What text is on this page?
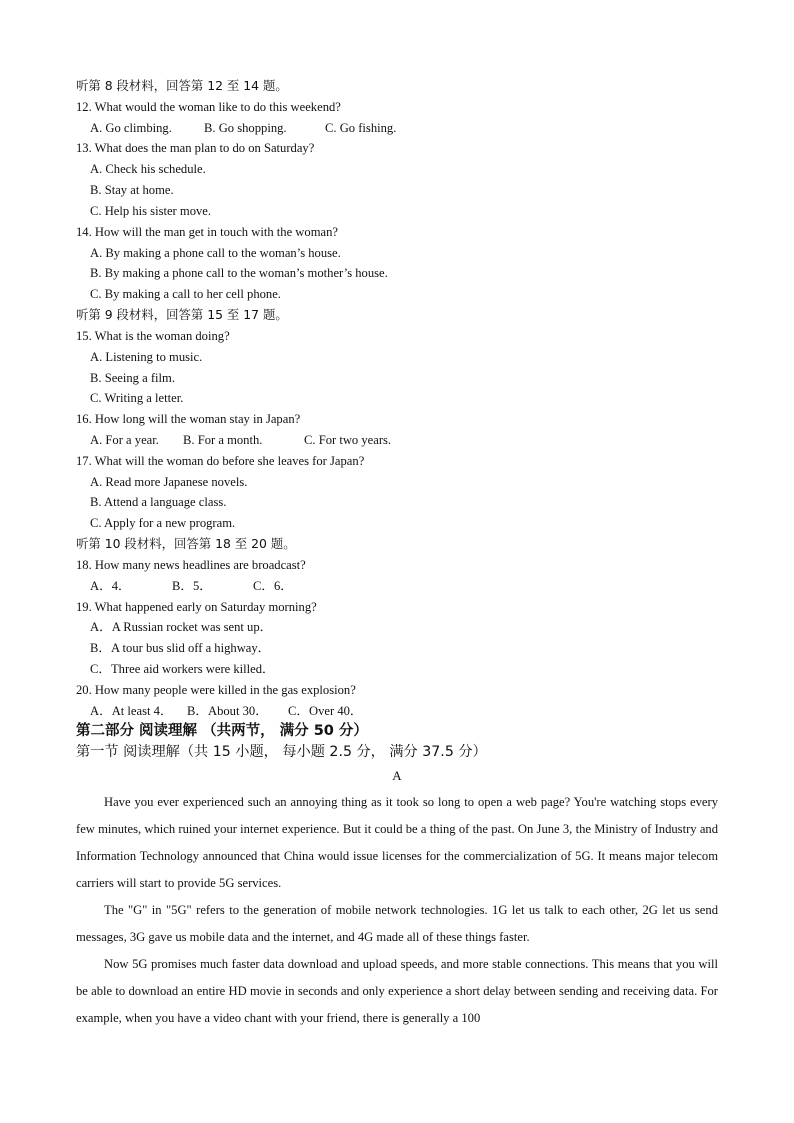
听第 8 段材料，回答第 12 至 14 题。
12. What would the woman like to do this weekend?
A. Go climbing.	B. Go shopping.	C. Go fishing.
13. What does the man plan to do on Saturday?
A. Check his schedule.
B. Stay at home.
C. Help his sister move.
14. How will the man get in touch with the woman?
A. By making a phone call to the woman’s house.
B. By making a phone call to the woman’s mother’s house.
C. By making a call to her cell phone.
听第 9 段材料，回答第 15 至 17 题。
15. What is the woman doing?
A. Listening to music.
B. Seeing a film.
C. Writing a letter.
16. How long will the woman stay in Japan?
A. For a year. B. For a month.	C. For two years.
17. What will the woman do before she leaves for Japan?
A. Read more Japanese novels.
B. Attend a language class.
C. Apply for a new program.
听第 10 段材料，回答第 18 至 20 题。
18. How many news headlines are broadcast?
A．4．	B．5．	C．6．
19. What happened early on Saturday morning?
A．A Russian rocket was sent up．
B．A tour bus slid off a highway．
C．Three aid workers were killed．
20. How many people were killed in the gas explosion?
A．At least 4． B．About 30． C．Over 40．
第二部分 阅读理解 （共两节， 满分 50 分）
第一节 阅读理解（共 15 小题， 每小题 2.5 分， 满分 37.5 分）
A
Have you ever experienced such an annoying thing as it took so long to open a web page? You're watching stops every few minutes, which ruined your internet experience. But it could be a thing of the past. On June 3, the Ministry of Industry and Information Technology announced that China would issue licenses for the commercialization of 5G. It means major telecom carriers will start to provide 5G services.
The "G" in "5G" refers to the generation of mobile network technologies. 1G let us talk to each other, 2G let us send messages, 3G gave us mobile data and the internet, and 4G made all of these things faster.
Now 5G promises much faster data download and upload speeds, and more stable connections. This means that you will be able to download an entire HD movie in seconds and only experience a short delay between sending and receiving data. For example, when you have a video chant with your friend, there is generally a 100
